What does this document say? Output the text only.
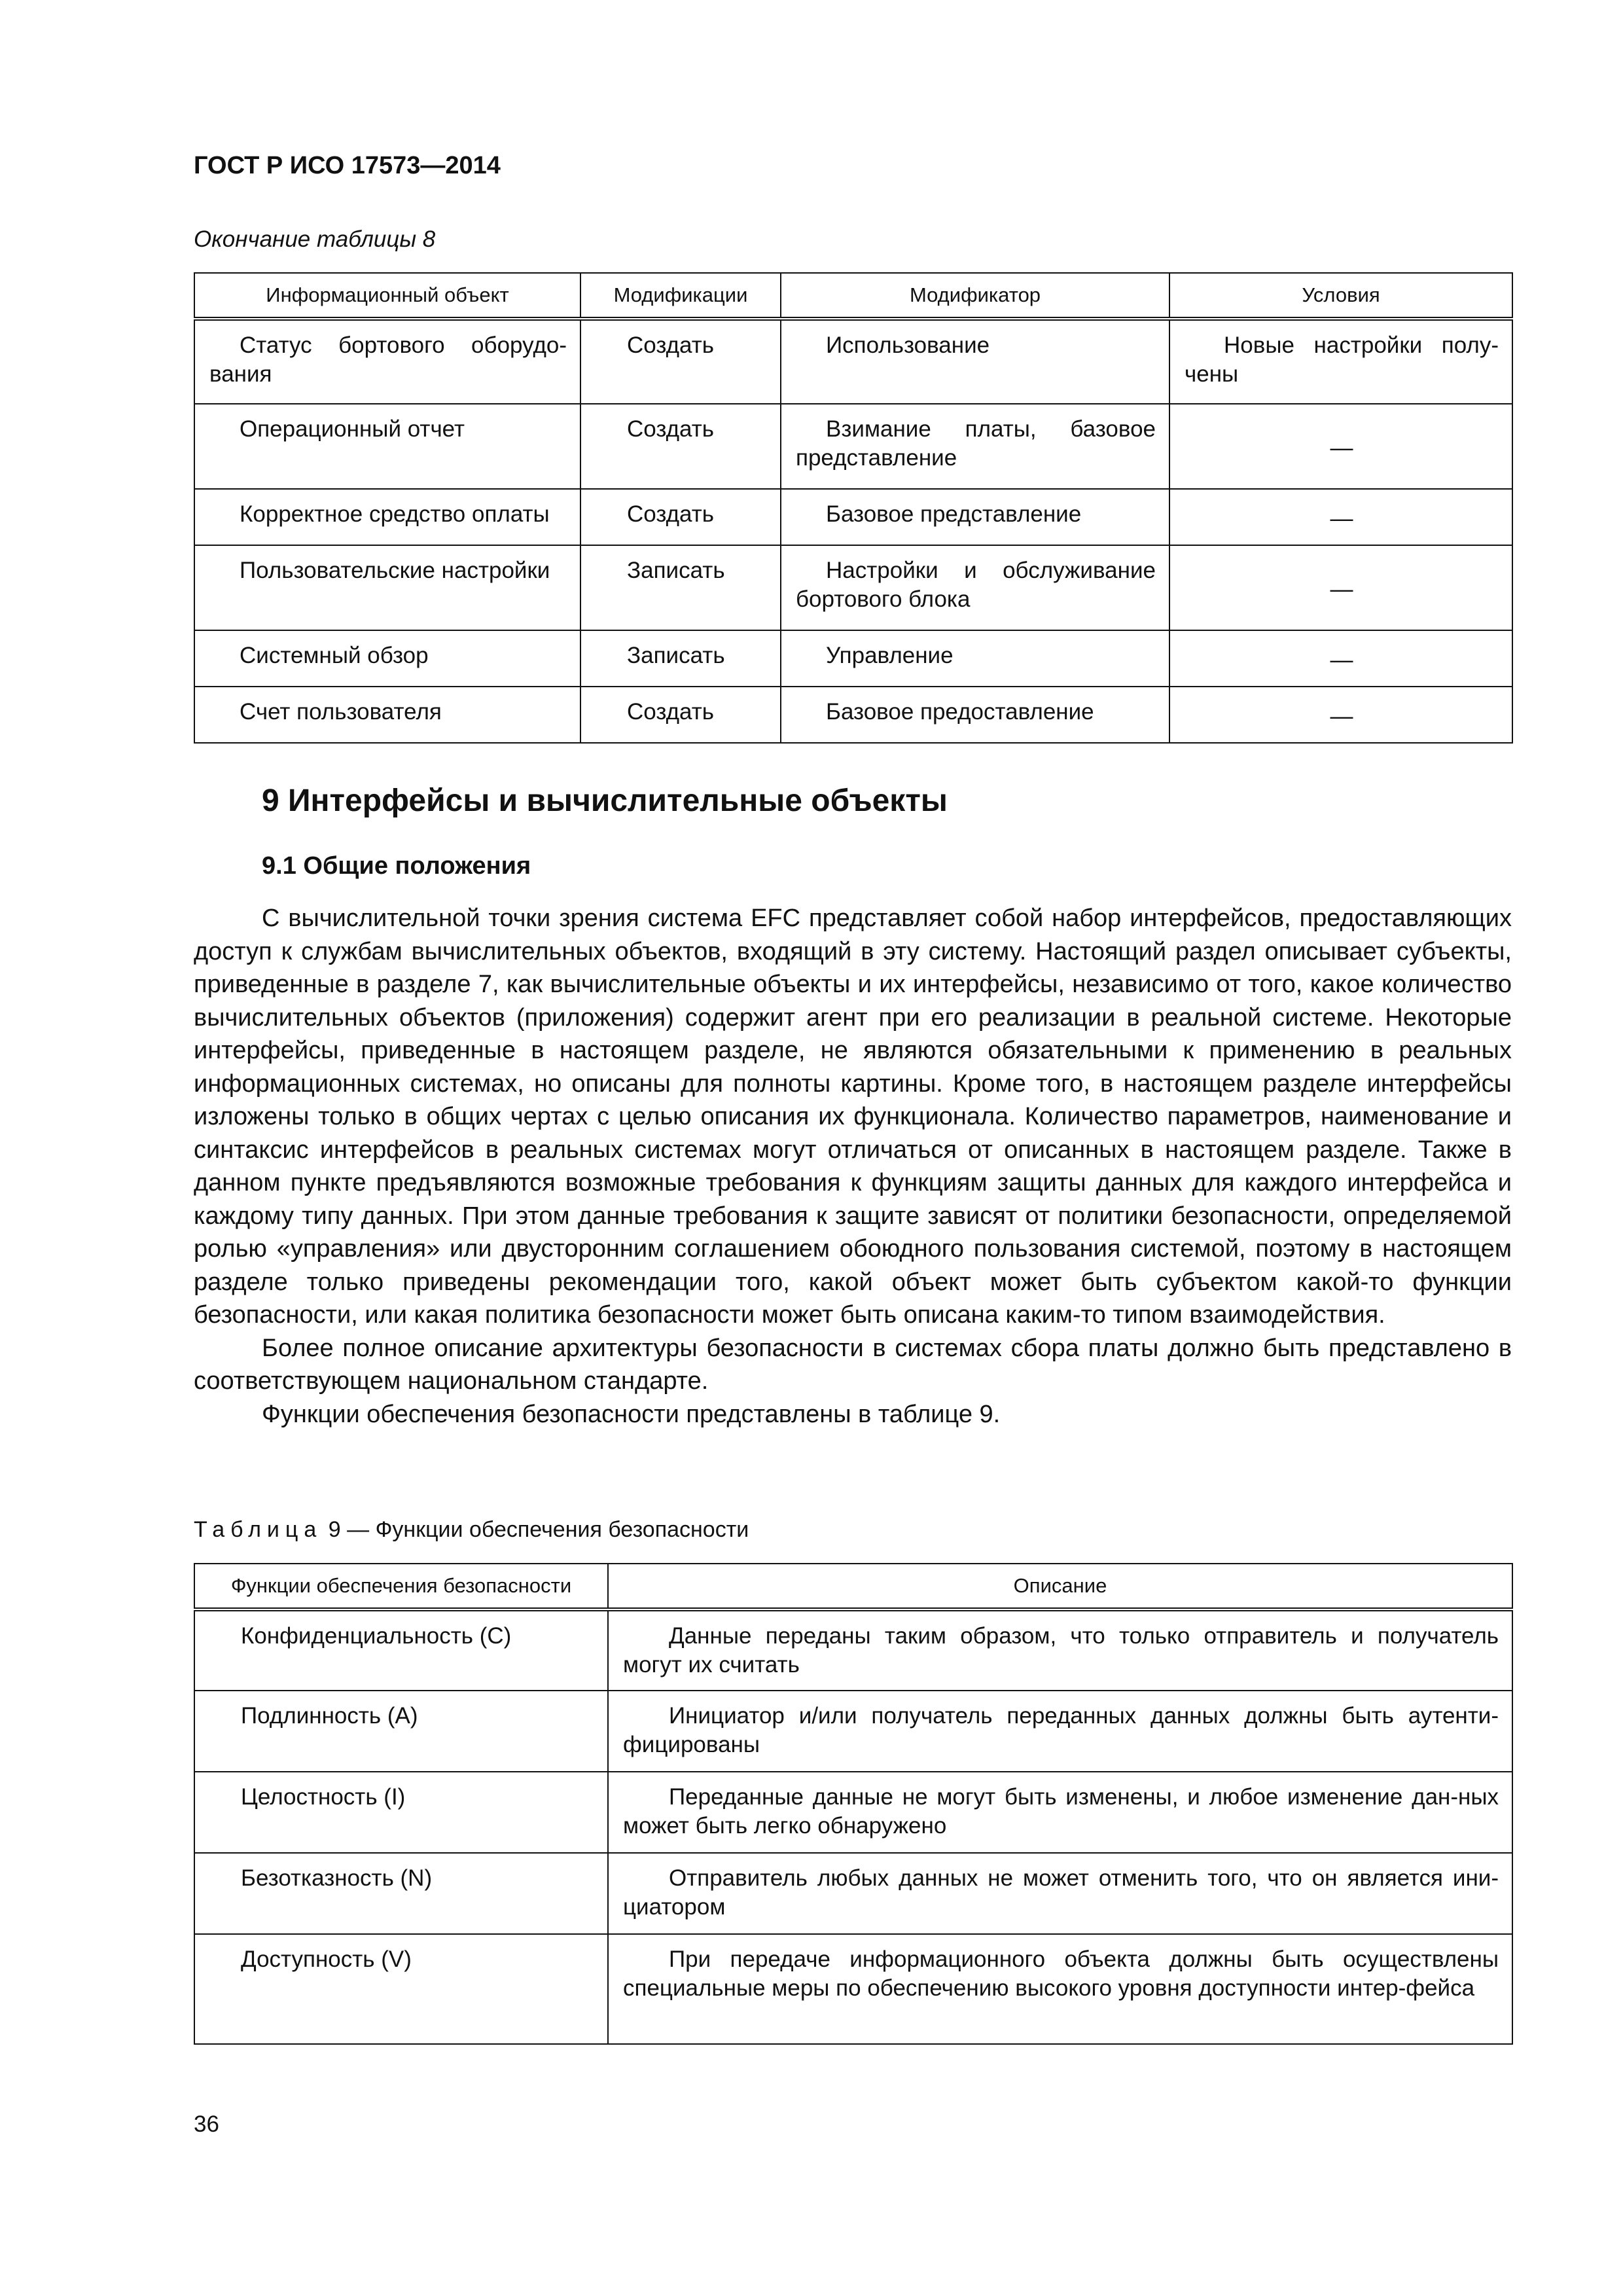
ГОСТ Р ИСО 17573—2014
Окончание таблицы 8
Информационный объект	Модификации	Модификатор	Условия
Статус бортового оборудо-вания	Создать	Использование	Новые настройки полу-чены
Операционный отчет	Создать	Взимание платы, базовое представление	—
Корректное средство оплаты	Создать	Базовое представление	—
Пользовательские настройки	Записать	Настройки и обслуживание бортового блока	—
Системный обзор	Записать	Управление	—
Счет пользователя	Создать	Базовое предоставление	—
9 Интерфейсы и вычислительные объекты
9.1 Общие положения

С вычислительной точки зрения система EFC представляет собой набор интерфейсов, предоставляющих доступ к службам вычислительных объектов, входящий в эту систему. Настоящий раздел описывает субъекты, приведенные в разделе 7, как вычислительные объекты и их интерфейсы, независимо от того, какое количество вычислительных объектов (приложения) содержит агент при его реализации в реальной системе. Некоторые интерфейсы, приведенные в настоящем разделе, не являются обязательными к применению в реальных информационных системах, но описаны для полноты картины. Кроме того, в настоящем разделе интерфейсы изложены только в общих чертах с целью описания их функционала. Количество параметров, наименование и синтаксис интерфейсов в реальных системах могут отличаться от описанных в настоящем разделе. Также в данном пункте предъявляются возможные требования к функциям защиты данных для каждого интерфейса и каждому типу данных. При этом данные требования к защите зависят от политики безопасности, определяемой ролью «управления» или двусторонним соглашением обоюдного пользования системой, поэтому в настоящем разделе только приведены рекомендации того, какой объект может быть субъектом какой-то функции безопасности, или какая политика безопасности может быть описана каким-то типом взаимодействия.

Более полное описание архитектуры безопасности в системах сбора платы должно быть представлено в соответствующем национальном стандарте.

Функции обеспечения безопасности представлены в таблице 9.

Таблица 9 — Функции обеспечения безопасности
Функции обеспечения безопасности	Описание
Конфиденциальность (C)	Данные переданы таким образом, что только отправитель и получатель могут их считать
Подлинность (А)	Инициатор и/или получатель переданных данных должны быть аутенти-фицированы
Целостность (I)	Переданные данные не могут быть изменены, и любое изменение дан-ных может быть легко обнаружено
Безотказность (N)	Отправитель любых данных не может отменить того, что он является ини-циатором
Доступность (V)	При передаче информационного объекта должны быть осуществлены специальные меры по обеспечению высокого уровня доступности интер-фейса
36
